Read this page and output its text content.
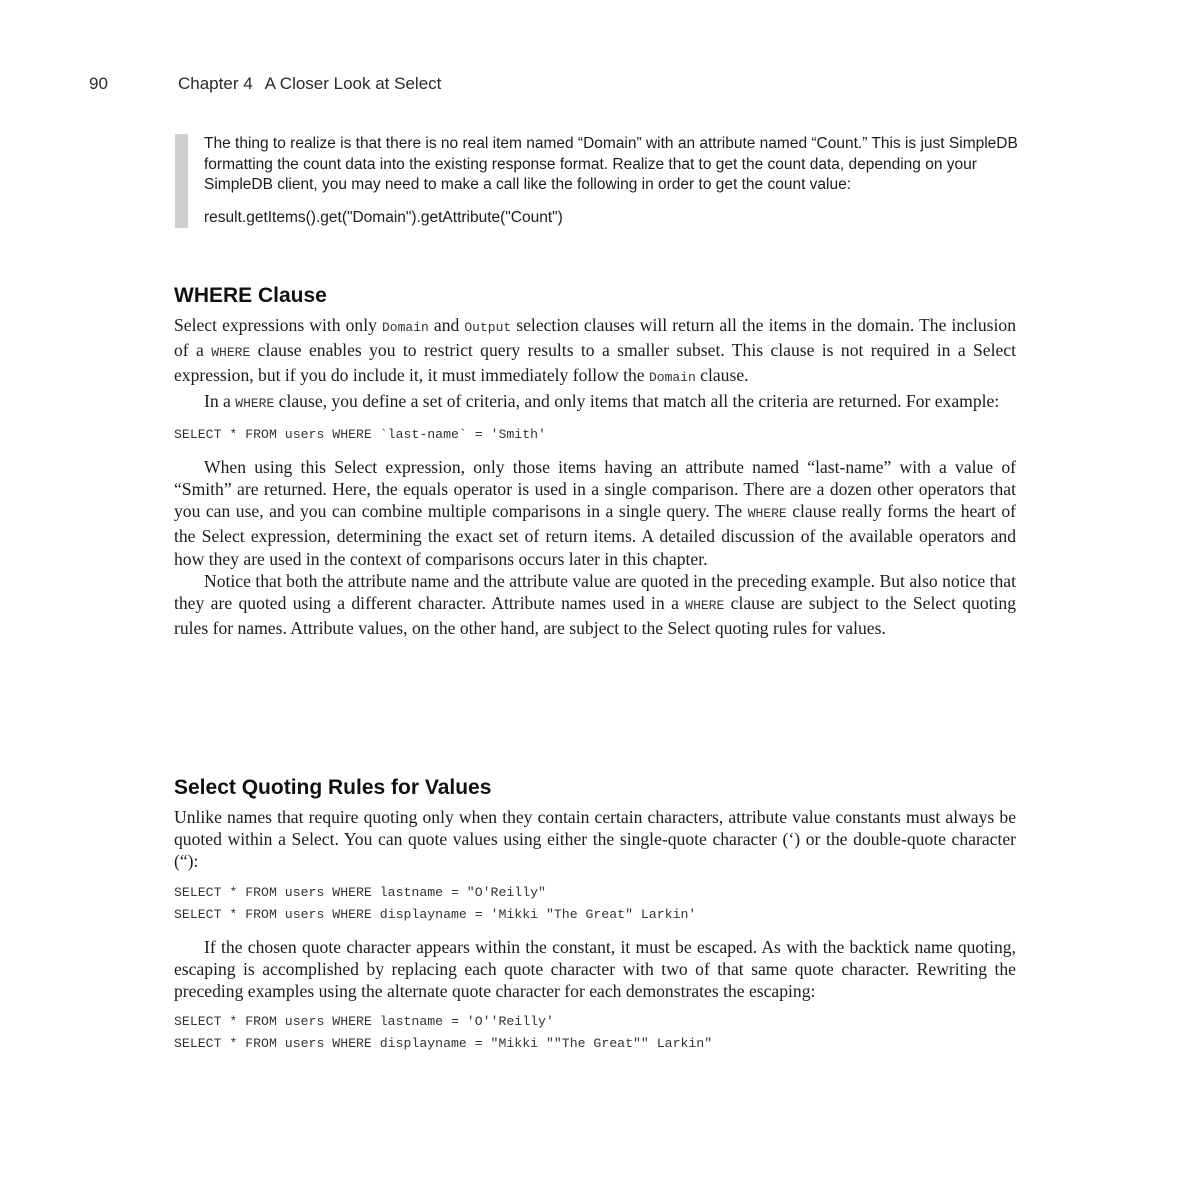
90	Chapter 4 A Closer Look at Select

The thing to realize is that there is no real item named “Domain” with an attribute named “Count.” This is just SimpleDB formatting the count data into the existing response format. Realize that to get the count data, depending on your SimpleDB client, you may need to make a call like the following in order to get the count value:

result.getItems().get("Domain").getAttribute("Count")

WHERE Clause

Select expressions with only Domain and Output selection clauses will return all the items in the domain. The inclusion of a WHERE clause enables you to restrict query results to a smaller subset. This clause is not required in a Select expression, but if you do include it, it must immediately follow the Domain clause.

In a WHERE clause, you define a set of criteria, and only items that match all the criteria are returned. For example:

SELECT * FROM users WHERE `last-name` = 'Smith'

When using this Select expression, only those items having an attribute named “last-name” with a value of “Smith” are returned. Here, the equals operator is used in a single comparison. There are a dozen other operators that you can use, and you can combine multiple comparisons in a single query. The WHERE clause really forms the heart of the Select expression, determining the exact set of return items. A detailed discussion of the available operators and how they are used in the context of comparisons occurs later in this chapter.

Notice that both the attribute name and the attribute value are quoted in the preceding example. But also notice that they are quoted using a different character. Attribute names used in a WHERE clause are subject to the Select quoting rules for names. Attribute values, on the other hand, are subject to the Select quoting rules for values.

Select Quoting Rules for Values

Unlike names that require quoting only when they contain certain characters, attribute value constants must always be quoted within a Select. You can quote values using either the single-quote character (‘) or the double-quote character (“):

SELECT * FROM users WHERE lastname = "O'Reilly"
SELECT * FROM users WHERE displayname = 'Mikki "The Great" Larkin'

If the chosen quote character appears within the constant, it must be escaped. As with the backtick name quoting, escaping is accomplished by replacing each quote character with two of that same quote character. Rewriting the preceding examples using the alternate quote character for each demonstrates the escaping:

SELECT * FROM users WHERE lastname = 'O''Reilly'
SELECT * FROM users WHERE displayname = "Mikki ""The Great"" Larkin"
